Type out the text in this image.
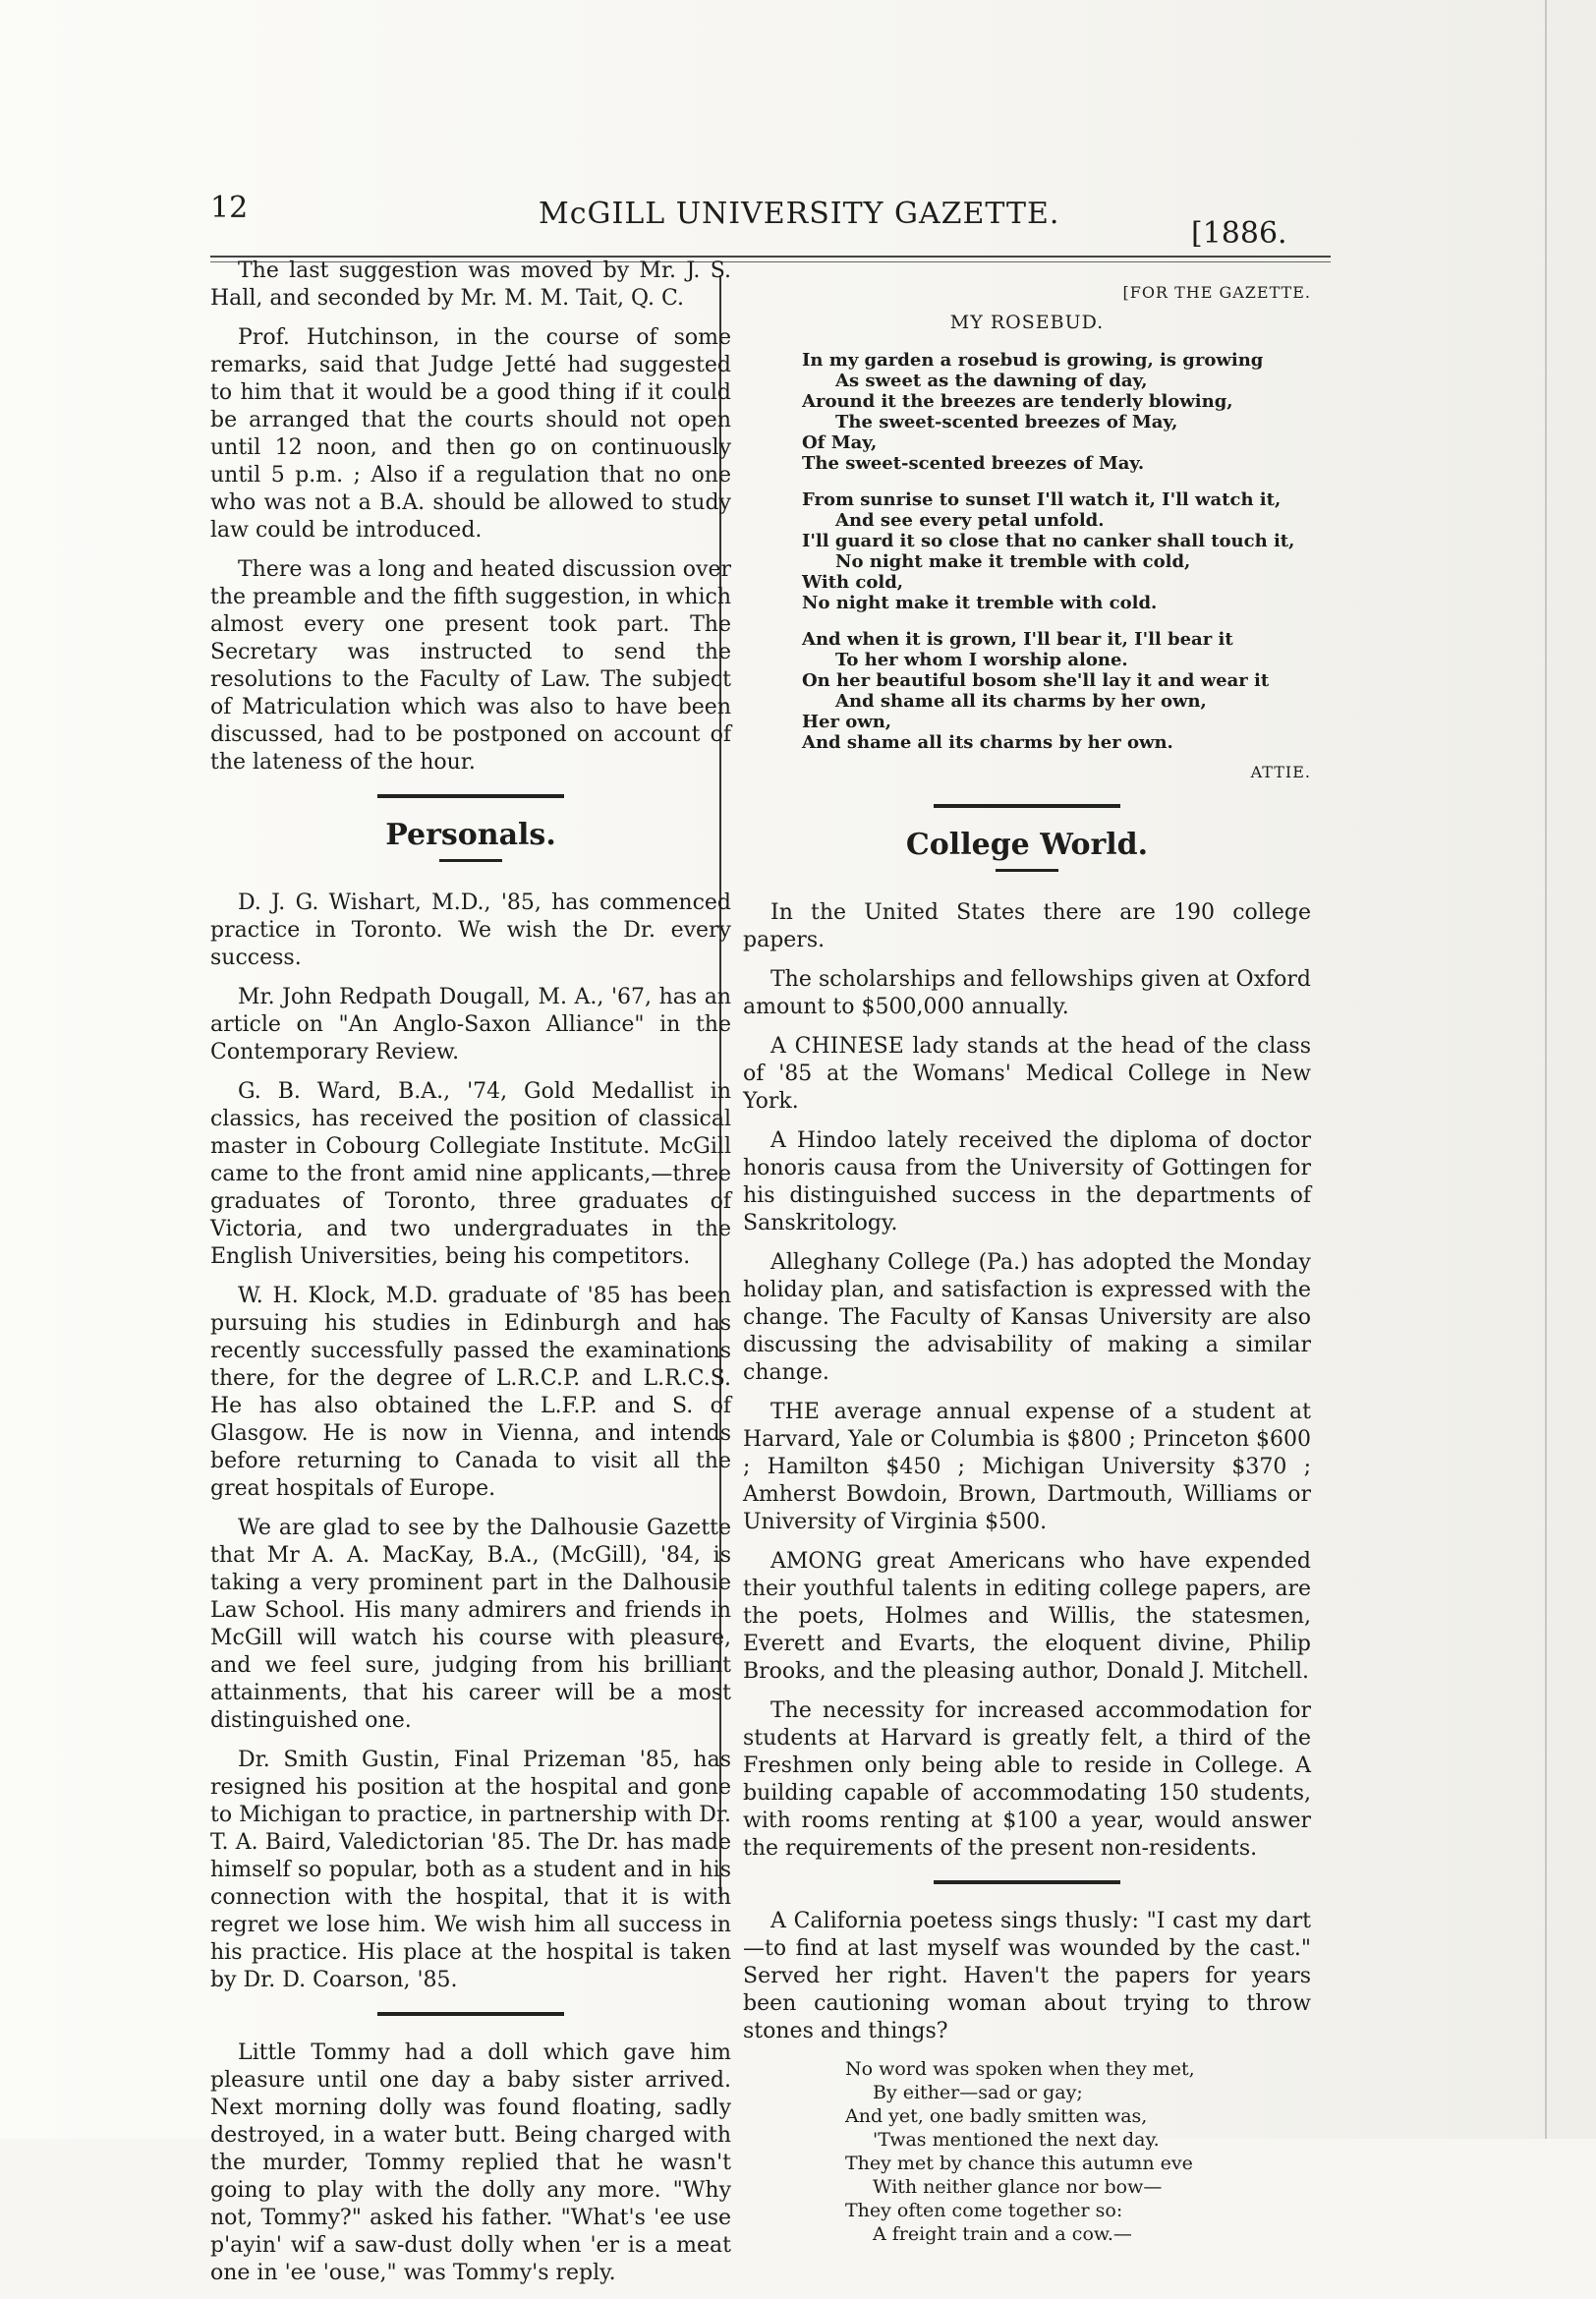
12	McGILL UNIVERSITY GAZETTE.
[1886.

The last suggestion was moved by Mr. J. S. Hall, and seconded by Mr. M. M. Tait, Q. C.

Prof. Hutchinson, in the course of some remarks, said that Judge Jetté had suggested to him that it would be a good thing if it could be arranged that the courts should not open until 12 noon, and then go on continuously until 5 p.m. ; Also if a regulation that no one who was not a B.A. should be allowed to study law could be introduced.

There was a long and heated discussion over the preamble and the fifth suggestion, in which almost every one present took part. The Secretary was instructed to send the resolutions to the Faculty of Law. The subject of Matriculation which was also to have been discussed, had to be postponed on account of the lateness of the hour.

Personals.

D. J. G. Wishart, M.D., '85, has commenced practice in Toronto. We wish the Dr. every success.

Mr. John Redpath Dougall, M. A., '67, has an article on "An Anglo-Saxon Alliance" in the Contemporary Review.

G. B. Ward, B.A., '74, Gold Medallist in classics, has received the position of classical master in Cobourg Collegiate Institute. McGill came to the front amid nine applicants,—three graduates of Toronto, three graduates of Victoria, and two undergraduates in the English Universities, being his competitors.

W. H. Klock, M.D. graduate of '85 has been pursuing his studies in Edinburgh and has recently successfully passed the examinations there, for the degree of L.R.C.P. and L.R.C.S. He has also obtained the L.F.P. and S. of Glasgow. He is now in Vienna, and intends before returning to Canada to visit all the great hospitals of Europe.

We are glad to see by the Dalhousie Gazette that Mr A. A. MacKay, B.A., (McGill), '84, is taking a very prominent part in the Dalhousie Law School. His many admirers and friends in McGill will watch his course with pleasure, and we feel sure, judging from his brilliant attainments, that his career will be a most distinguished one.

Dr. Smith Gustin, Final Prizeman '85, has resigned his position at the hospital and gone to Michigan to practice, in partnership with Dr. T. A. Baird, Valedictorian '85. The Dr. has made himself so popular, both as a student and in his connection with the hospital, that it is with regret we lose him. We wish him all success in his practice. His place at the hospital is taken by Dr. D. Coarson, '85.

Little Tommy had a doll which gave him pleasure until one day a baby sister arrived. Next morning dolly was found floating, sadly destroyed, in a water butt. Being charged with the murder, Tommy replied that he wasn't going to play with the dolly any more. "Why not, Tommy?" asked his father. "What's 'ee use p'ayin' wif a saw-dust dolly when 'er is a meat one in 'ee 'ouse," was Tommy's reply.

[FOR THE GAZETTE.
MY ROSEBUD.
In my garden a rosebud is growing, is growing
As sweet as the dawning of day,
Around it the breezes are tenderly blowing,
The sweet-scented breezes of May,
Of May,
The sweet-scented breezes of May.
From sunrise to sunset I'll watch it, I'll watch it,
And see every petal unfold.
I'll guard it so close that no canker shall touch it,
No night make it tremble with cold,
With cold,
No night make it tremble with cold.
And when it is grown, I'll bear it, I'll bear it
To her whom I worship alone.
On her beautiful bosom she'll lay it and wear it
And shame all its charms by her own,
Her own,
And shame all its charms by her own.
ATTIE.
College World.

In the United States there are 190 college papers.

The scholarships and fellowships given at Oxford amount to $500,000 annually.

A CHINESE lady stands at the head of the class of '85 at the Womans' Medical College in New York.

A Hindoo lately received the diploma of doctor honoris causa from the University of Gottingen for his distinguished success in the departments of Sanskritology.

Alleghany College (Pa.) has adopted the Monday holiday plan, and satisfaction is expressed with the change. The Faculty of Kansas University are also discussing the advisability of making a similar change.

THE average annual expense of a student at Harvard, Yale or Columbia is $800 ; Princeton $600 ; Hamilton $450 ; Michigan University $370 ; Amherst Bowdoin, Brown, Dartmouth, Williams or University of Virginia $500.

AMONG great Americans who have expended their youthful talents in editing college papers, are the poets, Holmes and Willis, the statesmen, Everett and Evarts, the eloquent divine, Philip Brooks, and the pleasing author, Donald J. Mitchell.

The necessity for increased accommodation for students at Harvard is greatly felt, a third of the Freshmen only being able to reside in College. A building capable of accommodating 150 students, with rooms renting at $100 a year, would answer the requirements of the present non-residents.

A California poetess sings thusly: "I cast my dart —to find at last myself was wounded by the cast." Served her right. Haven't the papers for years been cautioning woman about trying to throw stones and things?

No word was spoken when they met,
By either—sad or gay;
And yet, one badly smitten was,
'Twas mentioned the next day.
They met by chance this autumn eve
With neither glance nor bow—
They often come together so:
A freight train and a cow.—
